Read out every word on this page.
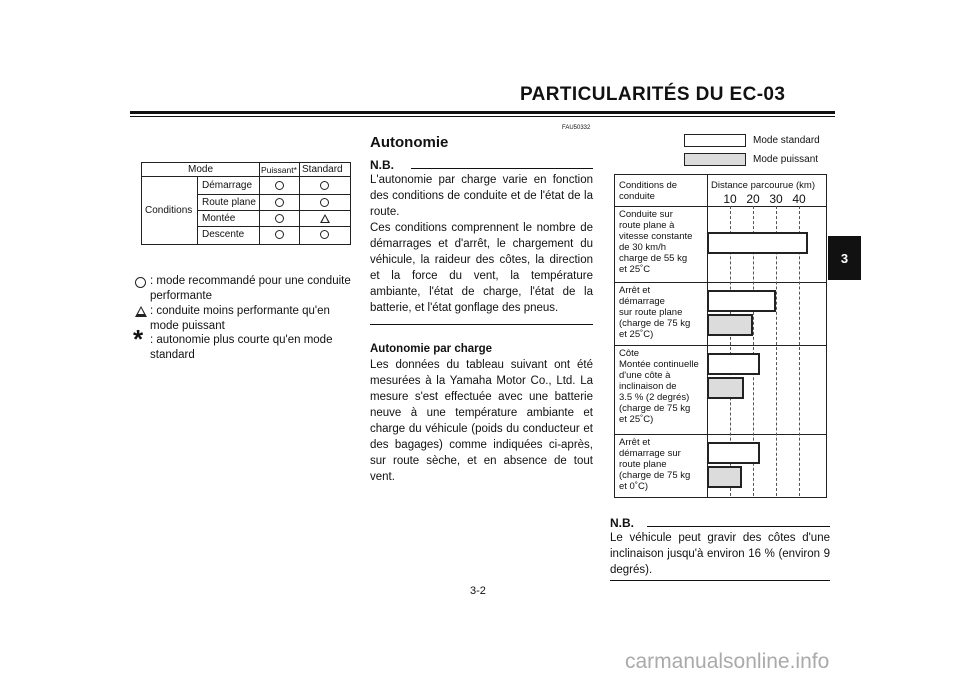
PARTICULARITÉS DU EC-03
3
Mode	Puissant* Standard
Conditions
Démarrage
Route plane
Montée
Descente
: mode recommandé pour une conduite performante
: conduite moins performante qu'en mode puissant
* : autonomie plus courte qu'en mode standard
FAU50332
Autonomie
N.B.
L'autonomie par charge varie en fonction des conditions de conduite et de l'état de la route.
Ces conditions comprennent le nombre de démarrages et d'arrêt, le chargement du véhicule, la raideur des côtes, la direction et la force du vent, la température ambiante, l'état de charge, l'état de la batterie, et l'état gonflage des pneus.
Autonomie par charge
Les données du tableau suivant ont été mesurées à la Yamaha Motor Co., Ltd. La mesure s'est effectuée avec une batterie neuve à une température ambiante et charge du véhicule (poids du conducteur et des bagages) comme indiquées ci-après, sur route sèche, et en absence de tout vent.
Mode standard
Mode puissant
Conditions de conduite
Distance parcourue (km)
Conduite sur
route plane à
vitesse constante
de 30 km/h
charge de 55 kg
et 25˚C
Arrêt et
démarrage
sur route plane
(charge de 75 kg
et 25˚C)
Côte
Montée continuelle
d'une côte à
inclinaison de
3.5 % (2 degrés)
(charge de 75 kg
et 25˚C)
Arrêt et
démarrage sur
route plane
(charge de 75 kg
et 0˚C)
10 20 30 40
N.B.
Le véhicule peut gravir des côtes d'une inclinaison jusqu'à environ 16 % (environ 9 degrés).
3-2
carmanualsonline.info
